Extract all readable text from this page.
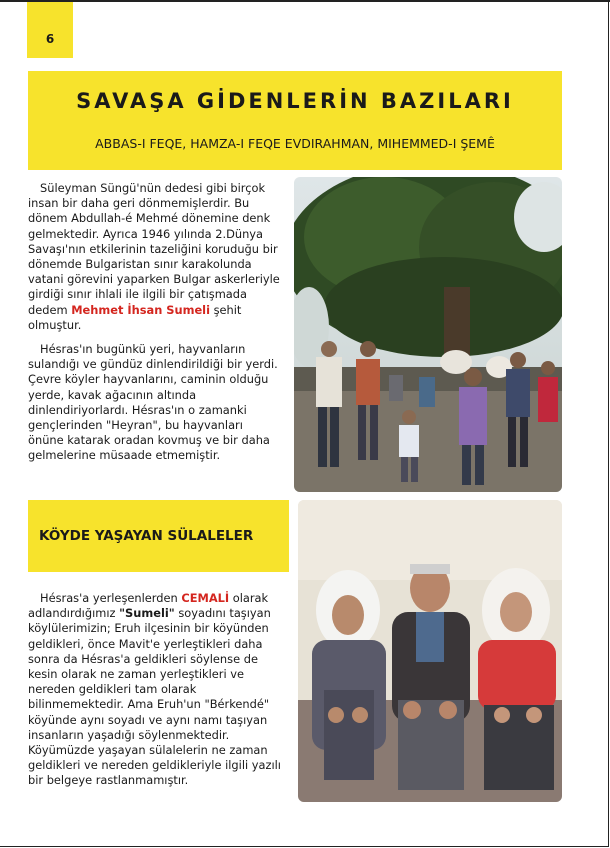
6
SAVAŞA GİDENLERİN BAZILARI
ABBAS-I FEQE, HAMZA-I FEQE EVDIRAHMAN, MIHEMMED-I ŞEMÊ

Süleyman Süngü'nün dedesi gibi birçok insan bir daha geri dönmemişlerdir. Bu dönem Abdullah-é Mehmé dönemine denk gelmektedir. Ayrıca 1946 yılında 2.Dünya Savaşı'nın etkilerinin tazeliğini koruduğu bir dönemde Bulgaristan sınır karakolunda vatani görevini yaparken Bulgar askerleriyle girdiği sınır ihlali ile ilgili bir çatışmada dedem Mehmet İhsan Sumeli şehit olmuştur.

Hésras'ın bugünkü yeri, hayvanların sulandığı ve gündüz dinlendirildiği bir yerdi. Çevre köyler hayvanlarını, caminin olduğu yerde, kavak ağacının altında dinlendiriyorlardı. Hésras'ın o zamanki gençlerinden "Heyran", bu hayvanları önüne katarak oradan kovmuş ve bir daha gelmelerine müsaade etmemiştir.

KÖYDE YAŞAYAN SÜLALELER

Hésras'a yerleşenlerden CEMALİ olarak adlandırdığımız "Sumeli" soyadını taşıyan köylülerimizin; Eruh ilçesinin bir köyünden geldikleri, önce Mavit'e yerleştikleri daha sonra da Hésras'a geldikleri söylense de kesin olarak ne zaman yerleştikleri ve nereden geldikleri tam olarak bilinmemektedir. Ama Eruh'un "Bérkendé" köyünde aynı soyadı ve aynı namı taşıyan insanların yaşadığı söylenmektedir. Köyümüzde yaşayan sülalelerin ne zaman geldikleri ve nereden geldikleriyle ilgili yazılı bir belgeye rastlanmamıştır.
